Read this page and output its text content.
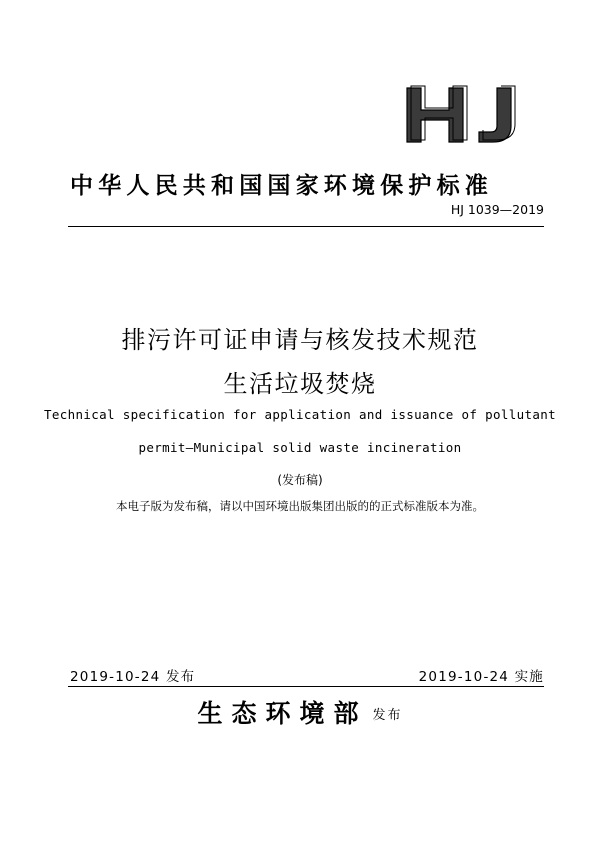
中华人民共和国国家环境保护标准
HJ 1039—2019
排污许可证申请与核发技术规范
生活垃圾焚烧
Technical specification for application and issuance of pollutant
permit—Municipal solid waste incineration
(发布稿)
本电子版为发布稿，请以中国环境出版集团出版的的正式标准版本为准。
2019-10-24 发布	2019-10-24 实施
生态环境部 发布
